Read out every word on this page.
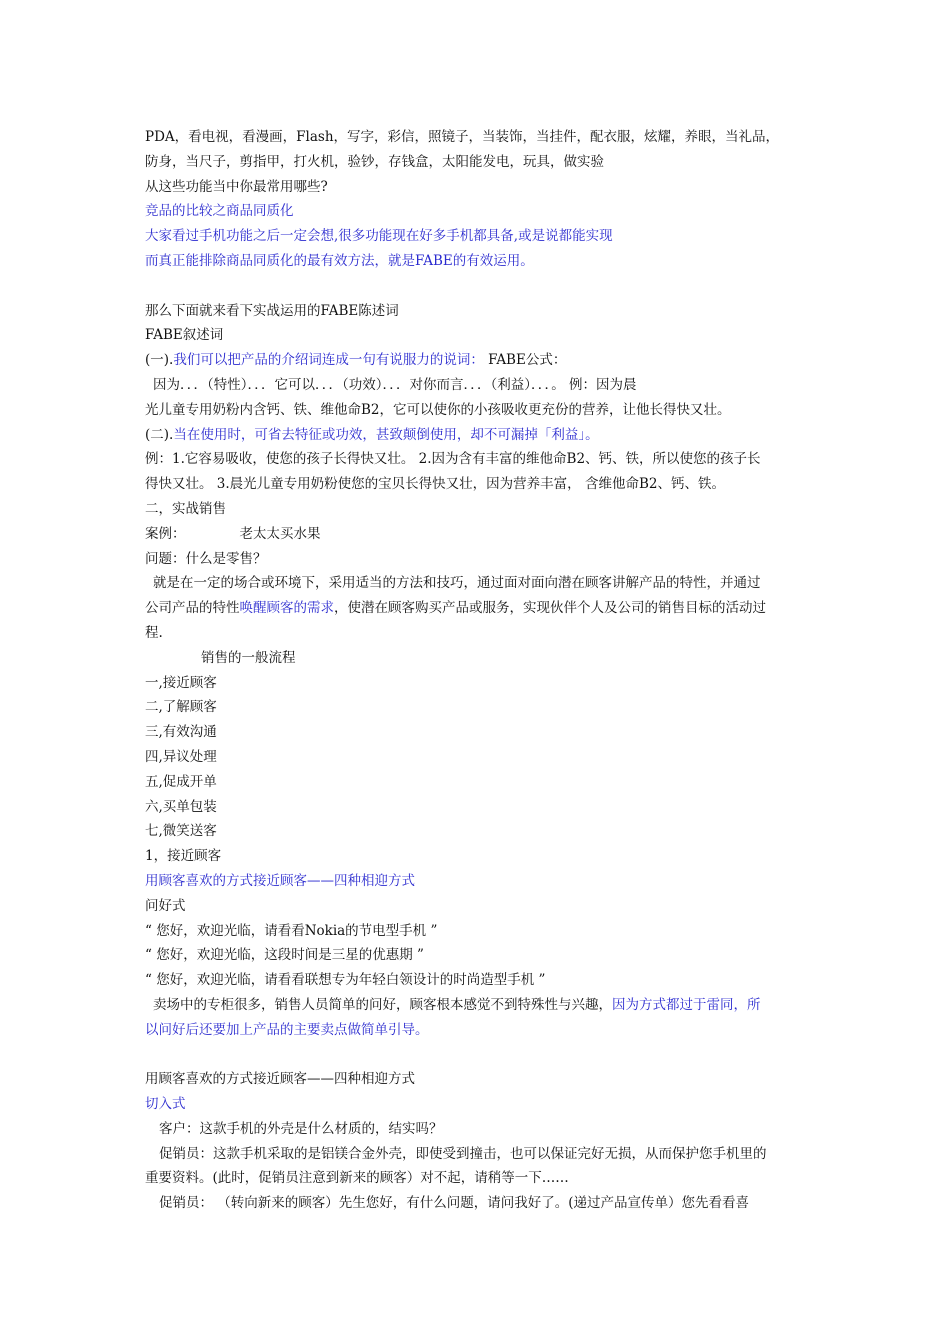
PDA，看电视，看漫画，Flash，写字，彩信，照镜子，当装饰，当挂件，配衣服，炫耀，养眼，当礼品，
防身，当尺子，剪指甲，打火机，验钞，存钱盒，太阳能发电，玩具，做实验
从这些功能当中你最常用哪些?
竞品的比较之商品同质化
大家看过手机功能之后一定会想,很多功能现在好多手机都具备,或是说都能实现
而真正能排除商品同质化的最有效方法，就是FABE的有效运用。
那么下面就来看下实战运用的FABE陈述词
FABE叙述词
(一).我们可以把产品的介绍词连成一句有说服力的说词： FABE公式：
因为．．．（特性）．．．它可以．．．（功效）．．．对你而言．．．（利益）．．．。 例：因为晨
光儿童专用奶粉内含钙、铁、维他命B2，它可以使你的小孩吸收更充份的营养，让他长得快又壮。
(二).当在使用时，可省去特征或功效，甚致颠倒使用，却不可漏掉「利益」。
例：1.它容易吸收，使您的孩子长得快又壮。 2.因为含有丰富的维他命B2、钙、铁，所以使您的孩子长
得快又壮。 3.晨光儿童专用奶粉使您的宝贝长得快又壮，因为营养丰富， 含维他命B2、钙、铁。
二，实战销售
案例：	老太太买水果
问题：什么是零售？
就是在一定的场合或环境下，采用适当的方法和技巧，通过面对面向潜在顾客讲解产品的特性，并通过
公司产品的特性唤醒顾客的需求，使潜在顾客购买产品或服务，实现伙伴个人及公司的销售目标的活动过
程.
销售的一般流程
一,接近顾客
二,了解顾客
三,有效沟通
四,异议处理
五,促成开单
六,买单包装
七,微笑送客
1，接近顾客
用顾客喜欢的方式接近顾客——四种相迎方式
问好式
“ 您好，欢迎光临，请看看Nokia的节电型手机 ”
“ 您好，欢迎光临，这段时间是三星的优惠期 ”
“ 您好，欢迎光临，请看看联想专为年轻白领设计的时尚造型手机 ”
卖场中的专柜很多，销售人员简单的问好，顾客根本感觉不到特殊性与兴趣，因为方式都过于雷同，所
以问好后还要加上产品的主要卖点做简单引导。
用顾客喜欢的方式接近顾客——四种相迎方式
切入式
客户：这款手机的外壳是什么材质的，结实吗？
促销员：这款手机采取的是铝镁合金外壳，即使受到撞击，也可以保证完好无损，从而保护您手机里的
重要资料。(此时，促销员注意到新来的顾客）对不起，请稍等一下……
促销员： （转向新来的顾客）先生您好，有什么问题，请问我好了。(递过产品宣传单）您先看看喜
